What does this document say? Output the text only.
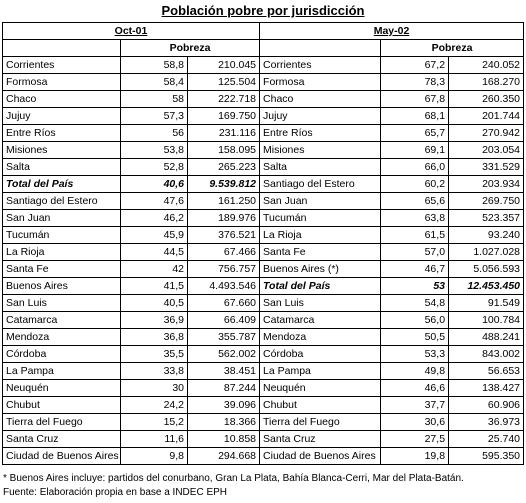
Población pobre por jurisdicción
Oct-01			May-02		
	Pobreza			Pobreza	
Corrientes	58,8	210.045	Corrientes	67,2	240.052
Formosa	58,4	125.504	Formosa	78,3	168.270
Chaco	58	222.718	Chaco	67,8	260.350
Jujuy	57,3	169.750	Jujuy	68,1	201.744
Entre Ríos	56	231.116	Entre Ríos	65,7	270.942
Misiones	53,8	158.095	Misiones	69,1	203.054
Salta	52,8	265.223	Salta	66,0	331.529
Total del País	40,6	9.539.812	Santiago del Estero	60,2	203.934
Santiago del Estero	47,6	161.250	San Juan	65,6	269.750
San Juan	46,2	189.976	Tucumán	63,8	523.357
Tucumán	45,9	376.521	La Rioja	61,5	93.240
La Rioja	44,5	67.466	Santa Fe	57,0	1.027.028
Santa Fe	42	756.757	Buenos Aires (*)	46,7	5.056.593
Buenos Aires	41,5	4.493.546	Total del País	53	12.453.450
San Luis	40,5	67.660	San Luis	54,8	91.549
Catamarca	36,9	66.409	Catamarca	56,0	100.784
Mendoza	36,8	355.787	Mendoza	50,5	488.241
Córdoba	35,5	562.002	Córdoba	53,3	843.002
La Pampa	33,8	38.451	La Pampa	49,8	56.653
Neuquén	30	87.244	Neuquén	46,6	138.427
Chubut	24,2	39.096	Chubut	37,7	60.906
Tierra del Fuego	15,2	18.366	Tierra del Fuego	30,6	36.973
Santa Cruz	11,6	10.858	Santa Cruz	27,5	25.740
Ciudad de Buenos Aires	9,8	294.668	Ciudad de Buenos Aires	19,8	595.350
* Buenos Aires incluye: partidos del conurbano, Gran La Plata, Bahía Blanca-Cerri, Mar del Plata-Batán.
Fuente: Elaboración propia en base a INDEC EPH
